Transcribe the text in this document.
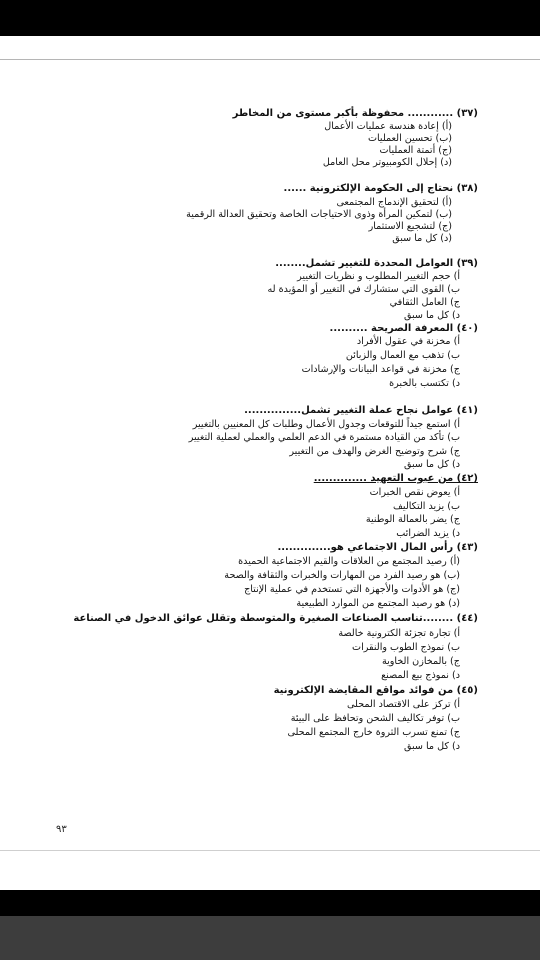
(٣٧) ............ محفوظة بأكبر مستوى من المخاطر
(أ) إعادة هندسة عمليات الأعمال
(ب) تحسين العمليات
(ج) أتمتة العمليات
(د) إحلال الكومبيوتر محل العامل
(٣٨) نحتاج إلى الحكومة الإلكترونية ......
(أ) لتحقيق الإندماج المجتمعى
(ب) لتمكين المرأة وذوى الاحتياجات الخاصة وتحقيق العدالة الرقمية
(ج) لتشجيع الاستثمار
(د) كل ما سبق
(٣٩) العوامل المحددة للتغيير تشمل........
أ) حجم التغيير المطلوب و نظريات التغيير
ب) القوى التي ستشارك في التغيير أو المؤيدة له
ج) العامل الثقافي
د) كل ما سبق
(٤٠) المعرفة الصريحة ..........
أ) مخزنة في عقول الأفراد
ب) تذهب مع العمال والزبائن
ج) مخزنة في قواعد البيانات والإرشادات
د) تكتسب بالخبرة
(٤١) عوامل نجاح عملة التغيير تشمل...............
أ) استمع جيداً للتوقعات وجدول الأعمال وطلبات كل المعنيين بالتغيير
ب) تأكد من القيادة مستمرة في الدعم العلمي والعملي لعملية التغيير
ج) شرح وتوضيح الغرض والهدف من التغيير
د) كل ما سبق
(٤٢) من عيوب التعهيد ..............
أ) يعوض نقص الخبرات
ب) يزيد التكاليف
ج) يضر بالعمالة الوطنية
د) يزيد الضرائب
(٤٣) رأس المال الاجتماعي هو..............
(أ) رصيد المجتمع من العلاقات والقيم الاجتماعية الحميدة
(ب) هو رصيد الفرد من المهارات والخبرات والثقافة والصحة
(ج) هو الأدوات والأجهزة التي تستخدم في عملية الإنتاج
(د) هو رصيد المجتمع من الموارد الطبيعية
(٤٤) ........تناسب الصناعات الصغيرة والمتوسطة وتقلل عوائق الدخول في الصناعة
أ) تجارة تجزئة الكترونية خالصة
ب) نموذج الطوب والنقرات
ج) بالمخازن الخاوية
د) نموذج بيع المصنع
(٤٥) من فوائد مواقع المقايضة الإلكترونية
أ) تركز على الاقتصاد المحلى
ب) توفر تكاليف الشحن وتحافظ على البيئة
ج) تمنع تسرب الثروة خارج المجتمع المحلى
د) كل ما سبق
٩٣
